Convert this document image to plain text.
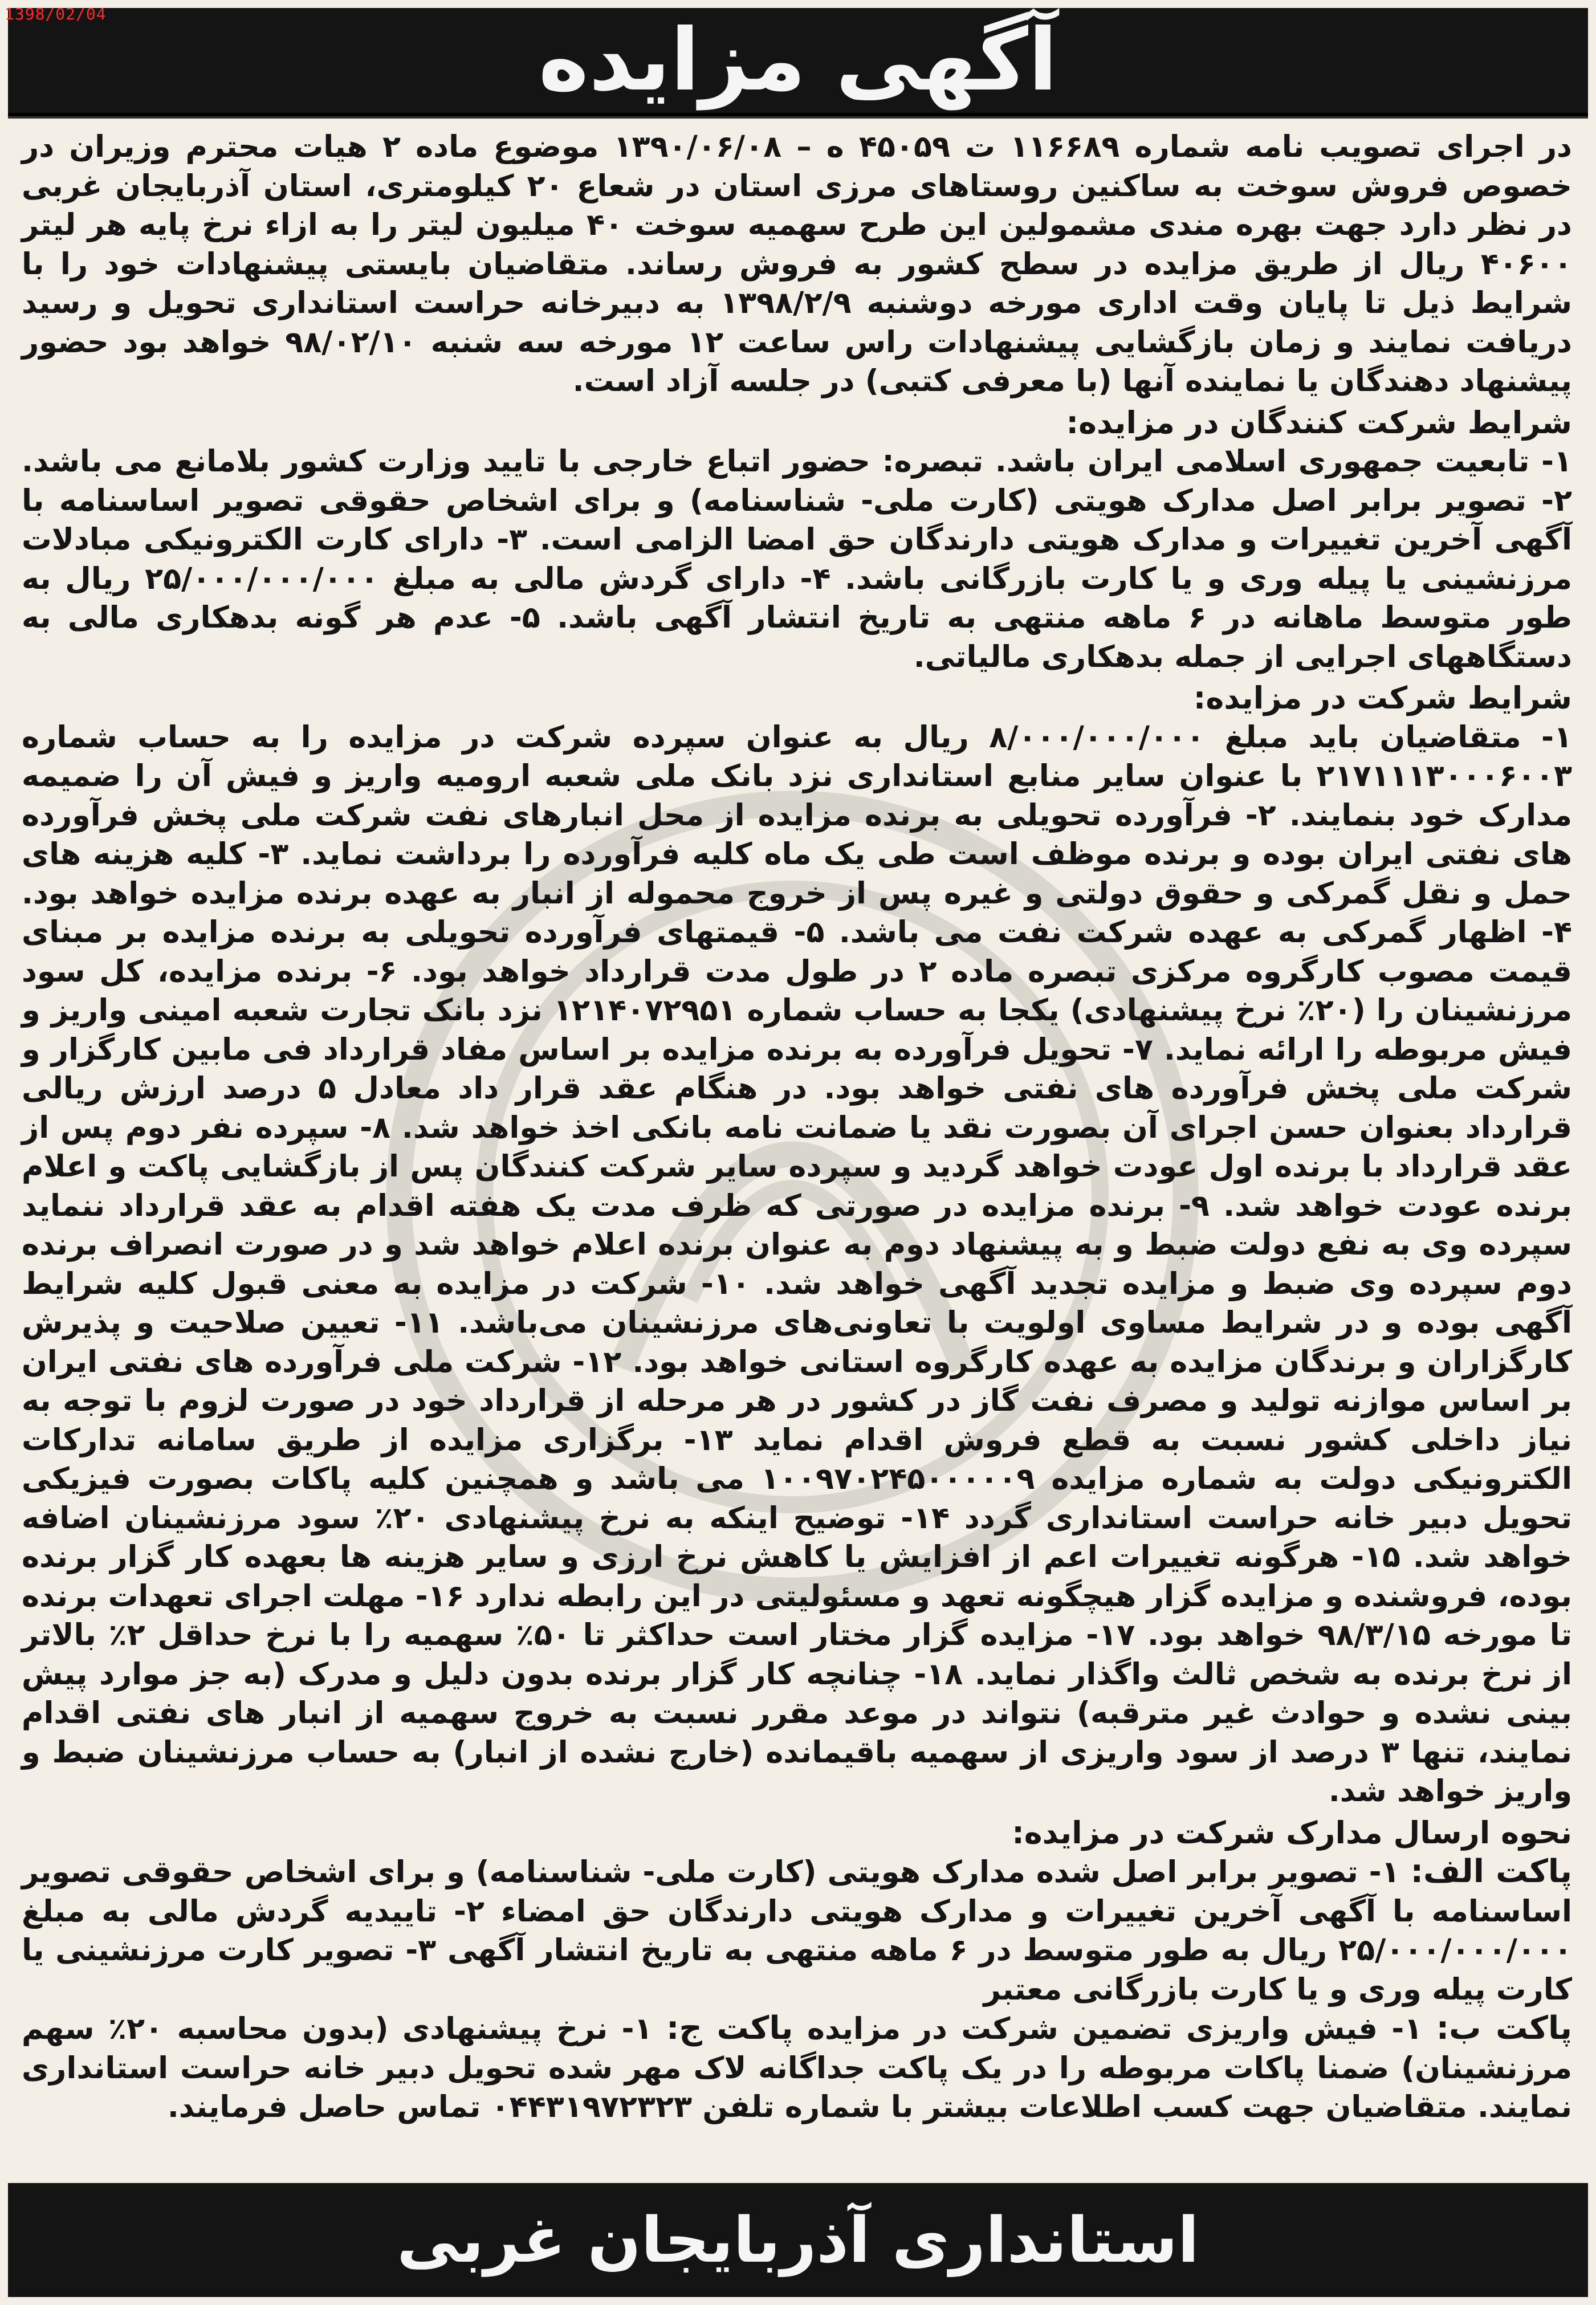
آگهی مزایده
1398/02/04

در اجرای تصویب نامه شماره ۱۱۶۶۸۹ ت ۴۵۰۵۹ ه – ۱۳۹۰/۰۶/۰۸ موضوع ماده ۲ هیات محترم وزیران در خصوص فروش سوخت به ساکنین روستاهای مرزی استان در شعاع ۲۰ کیلومتری، استان آذربایجان غربی در نظر دارد جهت بهره مندی مشمولین این طرح سهمیه سوخت ۴۰ میلیون لیتر را به ازاء نرخ پایه هر لیتر ۴۰۶۰۰ ریال از طریق مزایده در سطح کشور به فروش رساند. متقاضیان بایستی پیشنهادات خود را با شرایط ذیل تا پایان وقت اداری مورخه دوشنبه ۱۳۹۸/۲/۹ به دبیرخانه حراست استانداری تحویل و رسید دریافت نمایند و زمان بازگشایی پیشنهادات راس ساعت ۱۲ مورخه سه شنبه ۹۸/۰۲/۱۰ خواهد بود حضور پیشنهاد دهندگان یا نماینده آنها (با معرفی کتبی) در جلسه آزاد است.

شرایط شرکت کنندگان در مزایده:

۱- تابعیت جمهوری اسلامی ایران باشد. تبصره: حضور اتباع خارجی با تایید وزارت کشور بلامانع می باشد. ۲- تصویر برابر اصل مدارک هویتی (کارت ملی- شناسنامه) و برای اشخاص حقوقی تصویر اساسنامه با آگهی آخرین تغییرات و مدارک هویتی دارندگان حق امضا الزامی است. ۳- دارای کارت الکترونیکی مبادلات مرزنشینی یا پیله وری و یا کارت بازرگانی باشد. ۴- دارای گردش مالی به مبلغ ۲۵/۰۰۰/۰۰۰/۰۰۰ ریال به طور متوسط ماهانه در ۶ ماهه منتهی به تاریخ انتشار آگهی باشد. ۵- عدم هر گونه بدهکاری مالی به دستگاههای اجرایی از جمله بدهکاری مالیاتی.

شرایط شرکت در مزایده:

۱- متقاضیان باید مبلغ ۸/۰۰۰/۰۰۰/۰۰۰ ریال به عنوان سپرده شرکت در مزایده را به حساب شماره ۲۱۷۱۱۱۳۰۰۰۶۰۰۳ با عنوان سایر منابع استانداری نزد بانک ملی شعبه ارومیه واریز و فیش آن را ضمیمه مدارک خود بنمایند. ۲- فرآورده تحویلی به برنده مزایده از محل انبارهای نفت شرکت ملی پخش فرآورده های نفتی ایران بوده و برنده موظف است طی یک ماه کلیه فرآورده را برداشت نماید. ۳- کلیه هزینه های حمل و نقل گمرکی و حقوق دولتی و غیره پس از خروج محموله از انبار به عهده برنده مزایده خواهد بود. ۴- اظهار گمرکی به عهده شرکت نفت می باشد. ۵- قیمتهای فرآورده تحویلی به برنده مزایده بر مبنای قیمت مصوب کارگروه مرکزی تبصره ماده ۲ در طول مدت قرارداد خواهد بود. ۶- برنده مزایده، کل سود مرزنشینان را (۲۰٪ نرخ پیشنهادی) یکجا به حساب شماره ۱۲۱۴۰۷۲۹۵۱ نزد بانک تجارت شعبه امینی واریز و فیش مربوطه را ارائه نماید. ۷- تحویل فرآورده به برنده مزایده بر اساس مفاد قرارداد فی مابین کارگزار و شرکت ملی پخش فرآورده های نفتی خواهد بود. در هنگام عقد قرار داد معادل ۵ درصد ارزش ریالی قرارداد بعنوان حسن اجرای آن بصورت نقد یا ضمانت نامه بانکی اخذ خواهد شد. ۸- سپرده نفر دوم پس از عقد قرارداد با برنده اول عودت خواهد گردید و سپرده سایر شرکت کنندگان پس از بازگشایی پاکت و اعلام برنده عودت خواهد شد. ۹- برنده مزایده در صورتی که ظرف مدت یک هفته اقدام به عقد قرارداد ننماید سپرده وی به نفع دولت ضبط و به پیشنهاد دوم به عنوان برنده اعلام خواهد شد و در صورت انصراف برنده دوم سپرده وی ضبط و مزایده تجدید آگهی خواهد شد. ۱۰- شرکت در مزایده به معنی قبول کلیه شرایط آگهی بوده و در شرایط مساوی اولویت با تعاونی‌های مرزنشینان می‌باشد. ۱۱- تعیین صلاحیت و پذیرش کارگزاران و برندگان مزایده به عهده کارگروه استانی خواهد بود. ۱۲- شرکت ملی فرآورده های نفتی ایران بر اساس موازنه تولید و مصرف نفت گاز در کشور در هر مرحله از قرارداد خود در صورت لزوم با توجه به نیاز داخلی کشور نسبت به قطع فروش اقدام نماید ۱۳- برگزاری مزایده از طریق سامانه تدارکات الکترونیکی دولت به شماره مزایده ۱۰۰۹۷۰۲۴۵۰۰۰۰۰۹ می باشد و همچنین کلیه پاکات بصورت فیزیکی تحویل دبیر خانه حراست استانداری گردد ۱۴- توضیح اینکه به نرخ پیشنهادی ۲۰٪ سود مرزنشینان اضافه خواهد شد. ۱۵- هرگونه تغییرات اعم از افزایش یا کاهش نرخ ارزی و سایر هزینه ها بعهده کار گزار برنده بوده، فروشنده و مزایده گزار هیچگونه تعهد و مسئولیتی در این رابطه ندارد ۱۶- مهلت اجرای تعهدات برنده تا مورخه ۹۸/۳/۱۵ خواهد بود. ۱۷- مزایده گزار مختار است حداکثر تا ۵۰٪ سهمیه را با نرخ حداقل ۲٪ بالاتر از نرخ برنده به شخص ثالث واگذار نماید. ۱۸- چنانچه کار گزار برنده بدون دلیل و مدرک (به جز موارد پیش بینی نشده و حوادث غیر مترقبه) نتواند در موعد مقرر نسبت به خروج سهمیه از انبار های نفتی اقدام نمایند، تنها ۳ درصد از سود واریزی از سهمیه باقیمانده (خارج نشده از انبار) به حساب مرزنشینان ضبط و واریز خواهد شد.

نحوه ارسال مدارک شرکت در مزایده:

پاکت الف: ۱- تصویر برابر اصل شده مدارک هویتی (کارت ملی- شناسنامه) و برای اشخاص حقوقی تصویر اساسنامه با آگهی آخرین تغییرات و مدارک هویتی دارندگان حق امضاء ۲- تاییدیه گردش مالی به مبلغ ۲۵/۰۰۰/۰۰۰/۰۰۰ ریال به طور متوسط در ۶ ماهه منتهی به تاریخ انتشار آگهی ۳- تصویر کارت مرزنشینی یا کارت پیله وری و یا کارت بازرگانی معتبر

پاکت ب: ۱- فیش واریزی تضمین شرکت در مزایده پاکت ج: ۱- نرخ پیشنهادی (بدون محاسبه ۲۰٪ سهم مرزنشینان) ضمنا پاکات مربوطه را در یک پاکت جداگانه لاک مهر شده تحویل دبیر خانه حراست استانداری نمایند. متقاضیان جهت کسب اطلاعات بیشتر با شماره تلفن ۰۴۴۳۱۹۷۲۳۲۳ تماس حاصل فرمایند.

استانداری آذربایجان غربی
